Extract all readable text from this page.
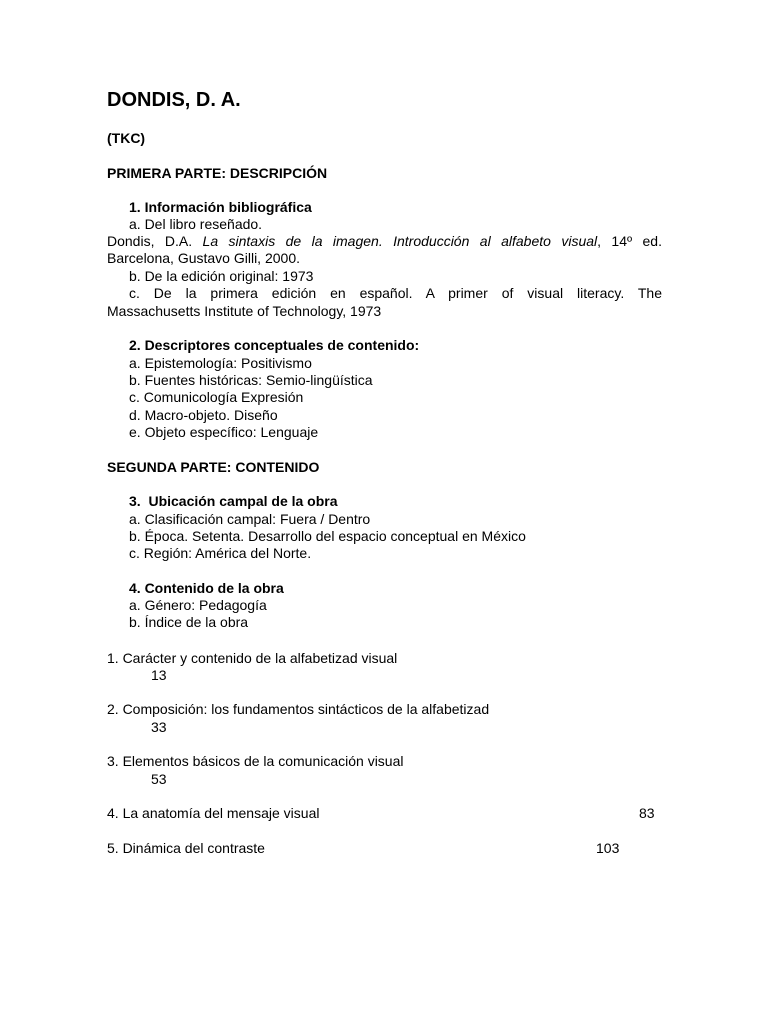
DONDIS, D. A.
(TKC)
PRIMERA PARTE: DESCRIPCIÓN
1. Información bibliográfica
a. Del libro reseñado.
Dondis, D.A. La sintaxis de la imagen. Introducción al alfabeto visual, 14º ed.
Barcelona, Gustavo Gilli, 2000.
b. De la edición original: 1973
c. De la primera edición en español. A primer of visual literacy. The
Massachusetts Institute of Technology, 1973
2. Descriptores conceptuales de contenido:
a. Epistemología: Positivismo
b. Fuentes históricas: Semio-lingüística
c. Comunicología Expresión
d. Macro-objeto. Diseño
e. Objeto específico: Lenguaje
SEGUNDA PARTE: CONTENIDO
3.  Ubicación campal de la obra
a. Clasificación campal: Fuera / Dentro
b. Época. Setenta. Desarrollo del espacio conceptual en México
c. Región: América del Norte.
4. Contenido de la obra
a. Género: Pedagogía
b. Índice de la obra
1. Carácter y contenido de la alfabetizad visual
13
2. Composición: los fundamentos sintácticos de la alfabetizad
33
3. Elementos básicos de la comunicación visual
53
4. La anatomía del mensaje visual	83
5. Dinámica del contraste	103
